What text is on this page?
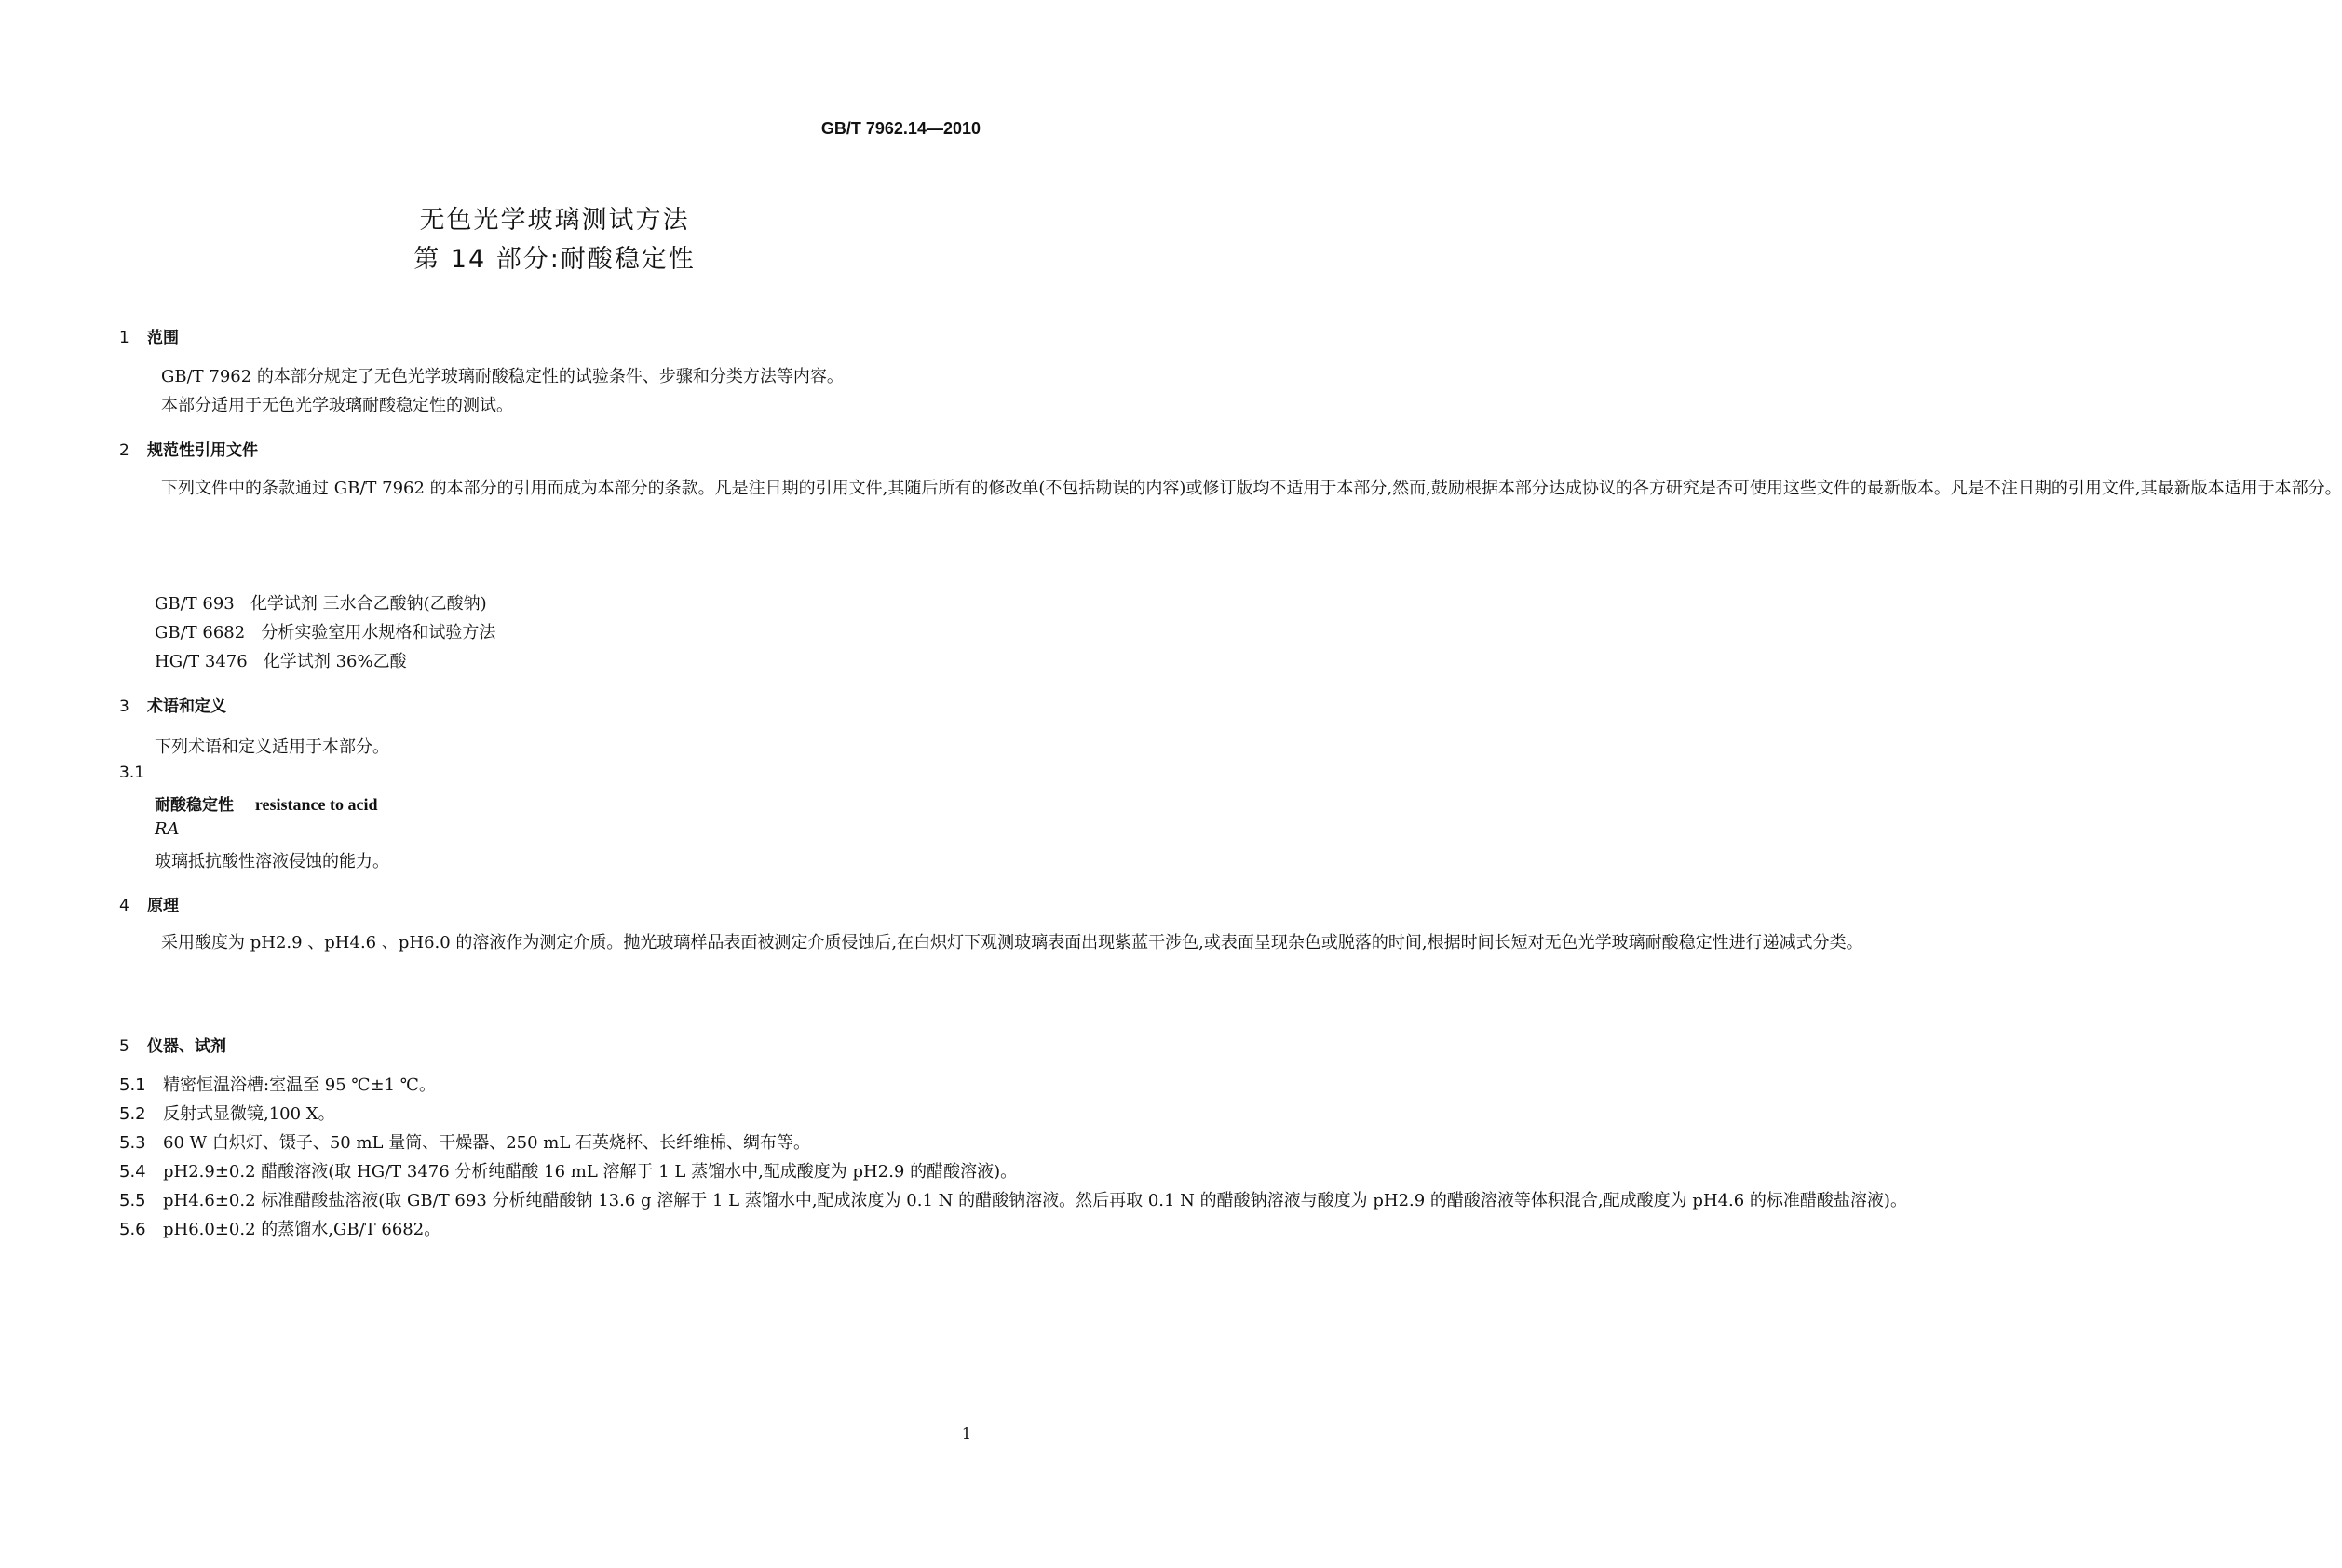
GB/T 7962.14—2010
无色光学玻璃测试方法
第 14 部分:耐酸稳定性
1 范围

GB/T 7962 的本部分规定了无色光学玻璃耐酸稳定性的试验条件、步骤和分类方法等内容。

本部分适用于无色光学玻璃耐酸稳定性的测试。

2 规范性引用文件

下列文件中的条款通过 GB/T 7962 的本部分的引用而成为本部分的条款。凡是注日期的引用文件,其随后所有的修改单(不包括勘误的内容)或修订版均不适用于本部分,然而,鼓励根据本部分达成协议的各方研究是否可使用这些文件的最新版本。凡是不注日期的引用文件,其最新版本适用于本部分。

GB/T 693 化学试剂 三水合乙酸钠(乙酸钠)
GB/T 6682 分析实验室用水规格和试验方法
HG/T 3476 化学试剂 36%乙酸
3 术语和定义
下列术语和定义适用于本部分。
3.1
耐酸稳定性 resistance to acid
RA
玻璃抵抗酸性溶液侵蚀的能力。
4 原理

采用酸度为 pH2.9 、pH4.6 、pH6.0 的溶液作为测定介质。抛光玻璃样品表面被测定介质侵蚀后,在白炽灯下观测玻璃表面出现紫蓝干涉色,或表面呈现杂色或脱落的时间,根据时间长短对无色光学玻璃耐酸稳定性进行递减式分类。

5 仪器、试剂
5.1 精密恒温浴槽:室温至 95 ℃±1 ℃。
5.2 反射式显微镜,100 X。
5.3 60 W 白炽灯、镊子、50 mL 量筒、干燥器、250 mL 石英烧杯、长纤维棉、绸布等。
5.4 pH2.9±0.2 醋酸溶液(取 HG/T 3476 分析纯醋酸 16 mL 溶解于 1 L 蒸馏水中,配成酸度为 pH2.9 的醋酸溶液)。
5.5 pH4.6±0.2 标准醋酸盐溶液(取 GB/T 693 分析纯醋酸钠 13.6 g 溶解于 1 L 蒸馏水中,配成浓度为 0.1 N 的醋酸钠溶液。然后再取 0.1 N 的醋酸钠溶液与酸度为 pH2.9 的醋酸溶液等体积混合,配成酸度为 pH4.6 的标准醋酸盐溶液)。
5.6 pH6.0±0.2 的蒸馏水,GB/T 6682。
1
